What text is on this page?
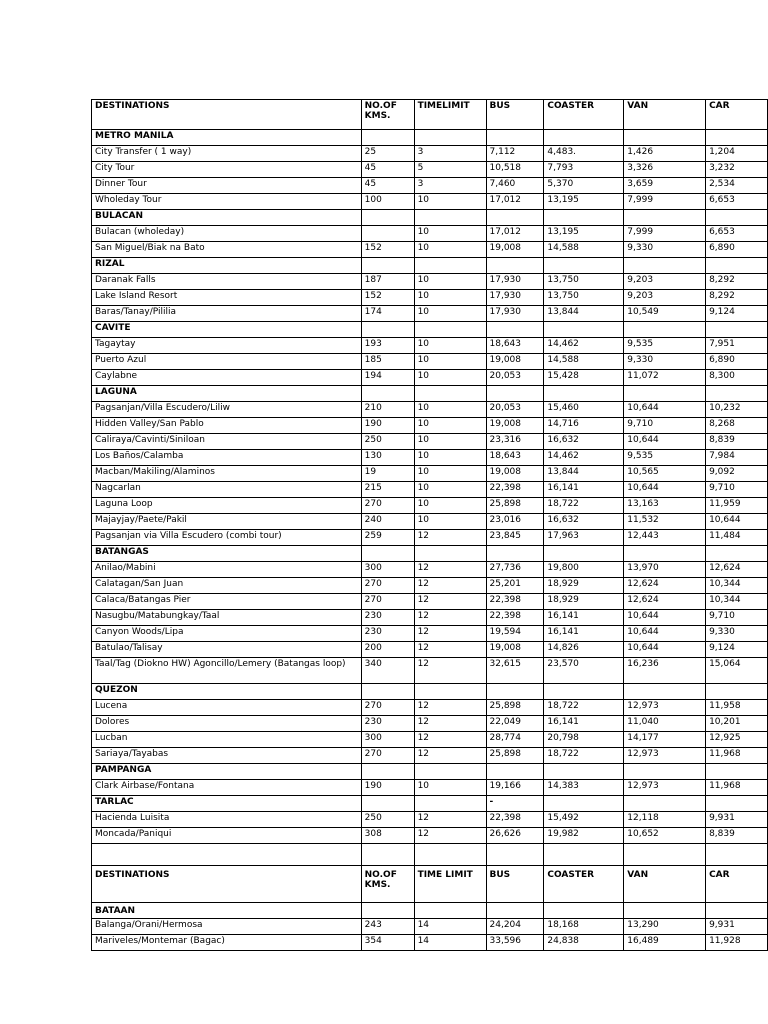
DESTINATIONS	NO.OF KMS.	TIMELIMIT	BUS	COASTER	VAN	CAR
METRO MANILA						
City Transfer ( 1 way)	25	3	7,112	4,483.	1,426	1,204
City Tour	45	5	10,518	7,793	3,326	3,232
Dinner Tour	45	3	7,460	5,370	3,659	2,534
Wholeday Tour	100	10	17,012	13,195	7,999	6,653
BULACAN						
Bulacan (wholeday)		10	17,012	13,195	7,999	6,653
San Miguel/Biak na Bato	152	10	19,008	14,588	9,330	6,890
RIZAL						
Daranak Falls	187	10	17,930	13,750	9,203	8,292
Lake Island Resort	152	10	17,930	13,750	9,203	8,292
Baras/Tanay/Pililia	174	10	17,930	13,844	10,549	9,124
CAVITE						
Tagaytay	193	10	18,643	14,462	9,535	7,951
Puerto Azul	185	10	19,008	14,588	9,330	6,890
Caylabne	194	10	20,053	15,428	11,072	8,300
LAGUNA						
Pagsanjan/Villa Escudero/Liliw	210	10	20,053	15,460	10,644	10,232
Hidden Valley/San Pablo	190	10	19,008	14,716	9,710	8,268
Caliraya/Cavinti/Siniloan	250	10	23,316	16,632	10,644	8,839
Los Baños/Calamba	130	10	18,643	14,462	9,535	7,984
Macban/Makiling/Alaminos	19	10	19,008	13,844	10,565	9,092
Nagcarlan	215	10	22,398	16,141	10,644	9,710
Laguna Loop	270	10	25,898	18,722	13,163	11,959
Majayjay/Paete/Pakil	240	10	23,016	16,632	11,532	10,644
Pagsanjan via Villa Escudero (combi tour)	259	12	23,845	17,963	12,443	11,484
BATANGAS						
Anilao/Mabini	300	12	27,736	19,800	13,970	12,624
Calatagan/San Juan	270	12	25,201	18,929	12,624	10,344
Calaca/Batangas Pier	270	12	22,398	18,929	12,624	10,344
Nasugbu/Matabungkay/Taal	230	12	22,398	16,141	10,644	9,710
Canyon Woods/Lipa	230	12	19,594	16,141	10,644	9,330
Batulao/Talisay	200	12	19,008	14,826	10,644	9,124
Taal/Tag (Diokno HW) Agoncillo/Lemery (Batangas loop)	340	12	32,615	23,570	16,236	15,064
QUEZON						
Lucena	270	12	25,898	18,722	12,973	11,958
Dolores	230	12	22,049	16,141	11,040	10,201
Lucban	300	12	28,774	20,798	14,177	12,925
Sariaya/Tayabas	270	12	25,898	18,722	12,973	11,968
PAMPANGA						
Clark Airbase/Fontana	190	10	19,166	14,383	12,973	11,968
TARLAC			-			
Hacienda Luisita	250	12	22,398	15,492	12,118	9,931
Moncada/Paniqui	308	12	26,626	19,982	10,652	8,839

DESTINATIONS	NO.OF KMS.	TIME LIMIT	BUS	COASTER	VAN	CAR
BATAAN						
Balanga/Orani/Hermosa	243	14	24,204	18,168	13,290	9,931
Mariveles/Montemar (Bagac)	354	14	33,596	24,838	16,489	11,928
